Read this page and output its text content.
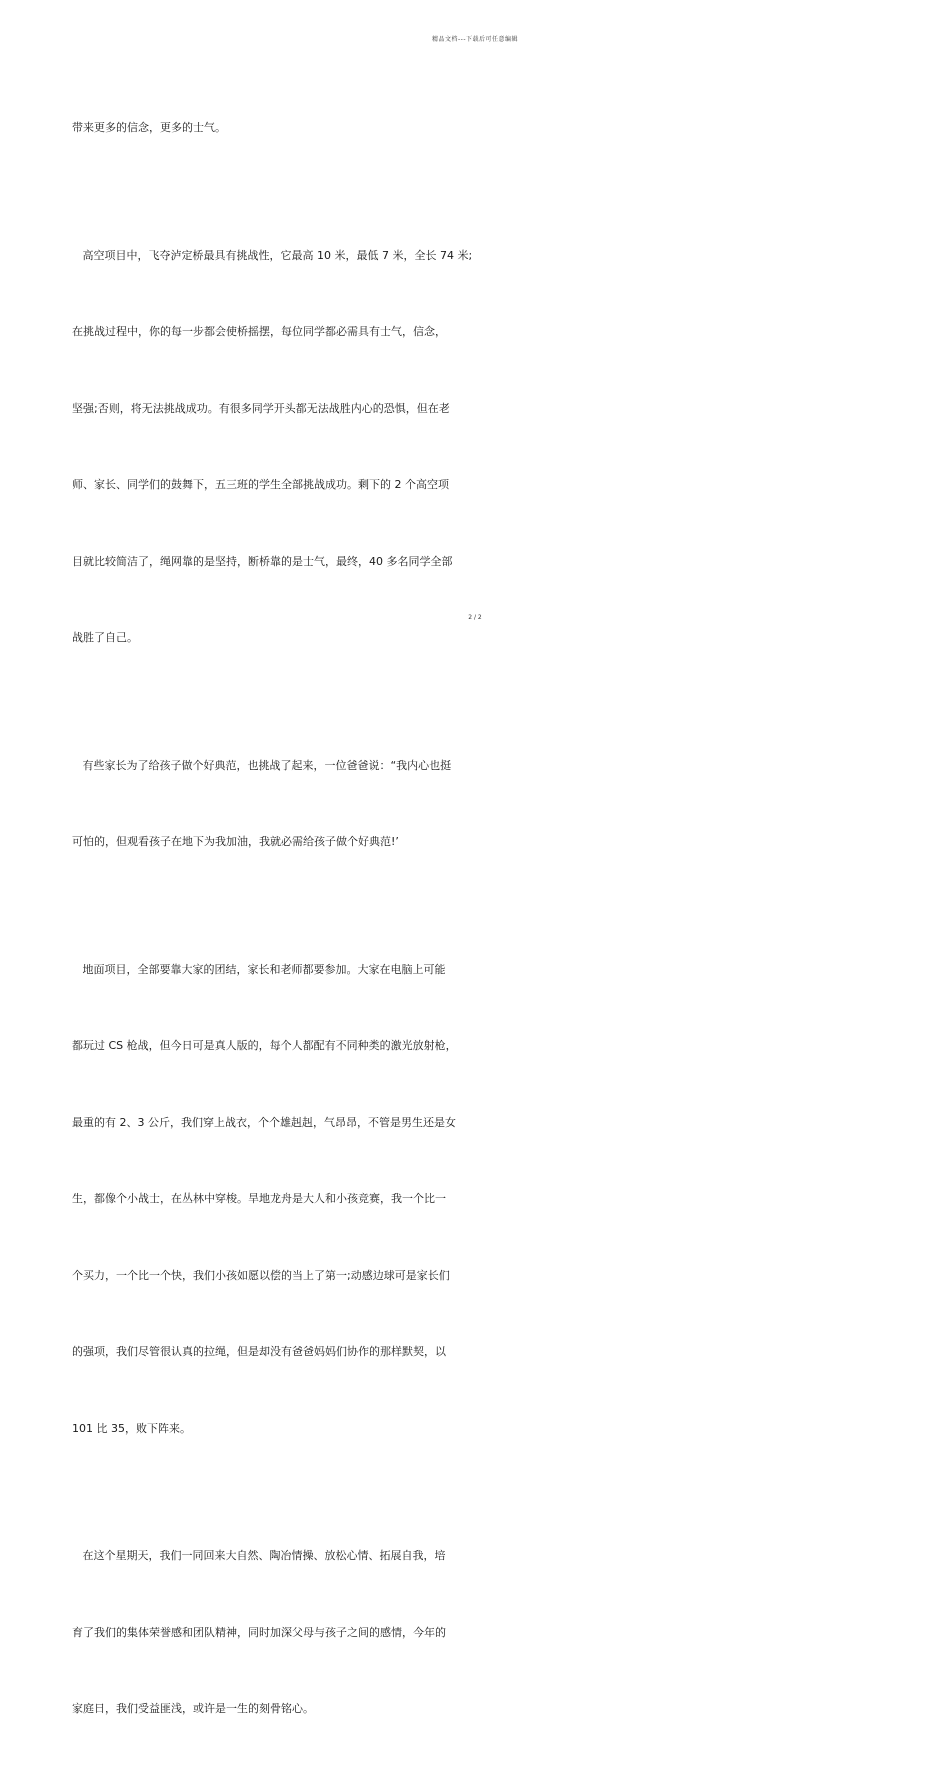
精品文档---下载后可任意编辑

带来更多的信念，更多的士气。

高空项目中，飞夺泸定桥最具有挑战性，它最高 10 米，最低 7 米，全长 74 米;

在挑战过程中，你的每一步都会使桥摇摆，每位同学都必需具有士气，信念，

坚强;否则，将无法挑战成功。有很多同学开头都无法战胜内心的恐惧，但在老

师、家长、同学们的鼓舞下，五三班的学生全部挑战成功。剩下的 2 个高空项

目就比较简洁了，绳网靠的是坚持，断桥靠的是士气，最终，40 多名同学全部

战胜了自己。

有些家长为了给孩子做个好典范，也挑战了起来，一位爸爸说：“我内心也挺

可怕的，但观看孩子在地下为我加油，我就必需给孩子做个好典范!’

地面项目，全部要靠大家的团结，家长和老师都要参加。大家在电脑上可能

都玩过 CS 枪战，但今日可是真人版的，每个人都配有不同种类的激光放射枪，

最重的有 2、3 公斤，我们穿上战衣，个个雄赳赳，气昂昂，不管是男生还是女

生，都像个小战士，在丛林中穿梭。旱地龙舟是大人和小孩竞赛，我一个比一

个买力，一个比一个快，我们小孩如愿以偿的当上了第一;动感边球可是家长们

的强项，我们尽管很认真的拉绳，但是却没有爸爸妈妈们协作的那样默契，以

101 比 35，败下阵来。

在这个星期天，我们一同回来大自然、陶冶情操、放松心情、拓展自我，培

育了我们的集体荣誉感和团队精神，同时加深父母与孩子之间的感情，今年的

家庭日，我们受益匪浅，或许是一生的刻骨铭心。

2 / 2
